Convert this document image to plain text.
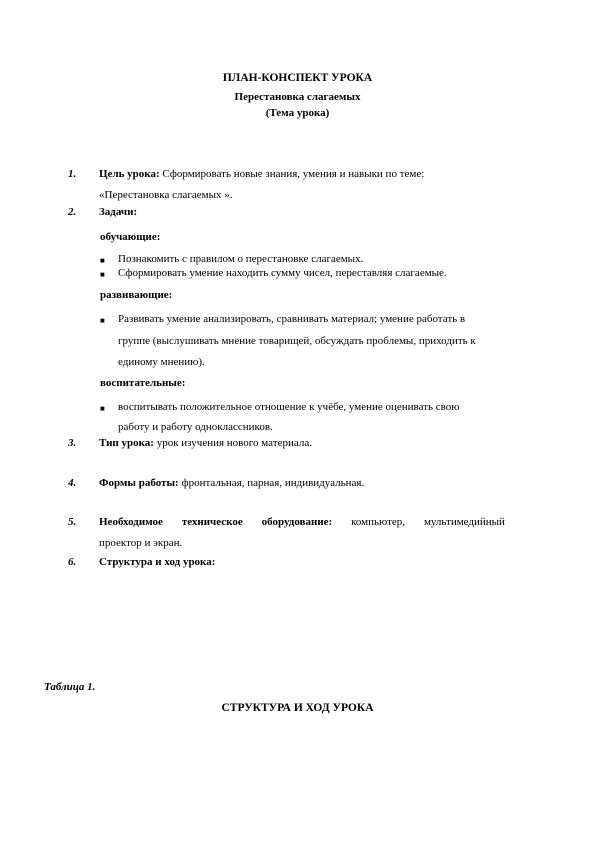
ПЛАН-КОНСПЕКТ УРОКА
Перестановка слагаемых
(Тема урока)
1. Цель урока: Сформировать новые знания, умения и навыки по теме:
«Перестановка слагаемых ».
2. Задачи:
обучающие:
■ Познакомить с правилом о перестановке слагаемых.
■ Сформировать умение находить сумму чисел, переставляя слагаемые.
развивающие:
■ Развивать умение анализировать, сравнивать материал; умение работать в
группе (выслушивать мнение товарищей, обсуждать проблемы, приходить к
единому мнению).
воспитательные:
■ воспитывать положительное отношение к учёбе, умение оценивать свою
работу и работу одноклассников.
3. Тип урока: урок изучения нового материала.
4. Формы работы: фронтальная, парная, индивидуальная.
5. Необходимое техническое оборудование: компьютер, мультимедийный
проектор и экран.
6. Структура и ход урока:
Таблица 1.
СТРУКТУРА И ХОД УРОКА
